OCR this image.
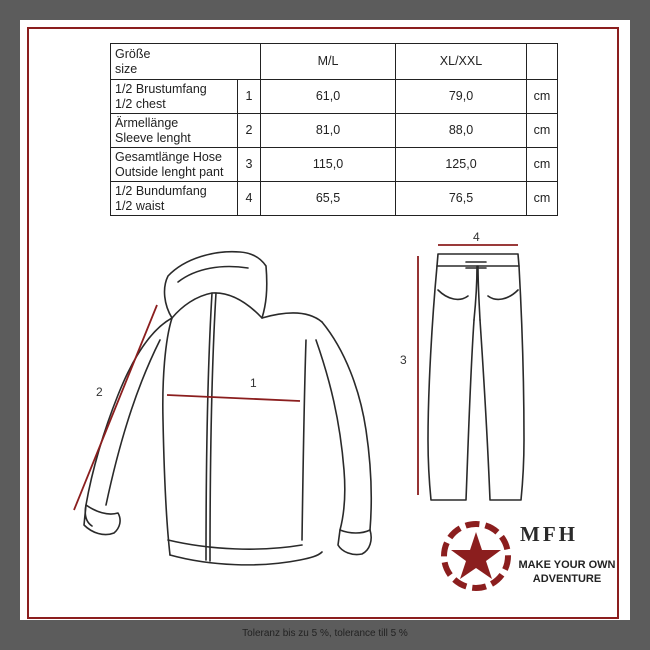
Größe
size		M/L	XL/XXL	

1/2 Brustumfang
1/2 chest	1	61,0	79,0	cm

Ärmellänge
Sleeve lenght	2	81,0	88,0	cm

Gesamtlänge Hose
Outside lenght pant	3	115,0	125,0	cm

1/2 Bundumfang
1/2 waist	4	65,5	76,5	cm
1
2
3
4
MFH
MAKE YOUR OWN ADVENTURE
Toleranz bis zu 5 %, tolerance till 5 %
